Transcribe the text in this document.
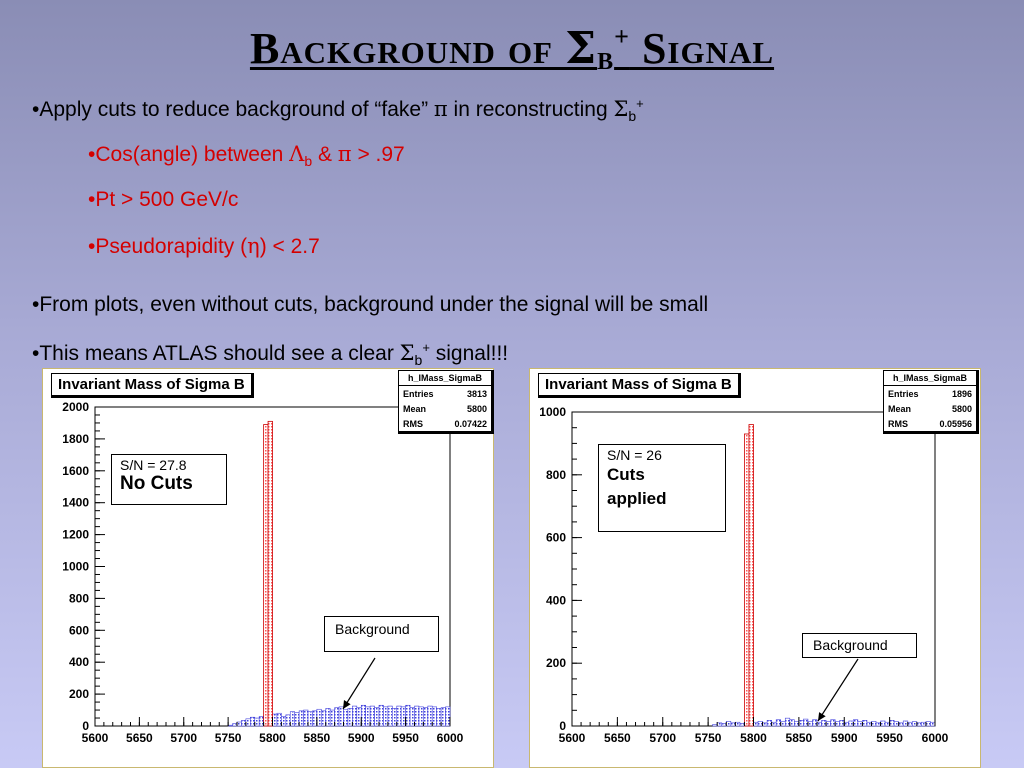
Background of $\Sigma_B^+$ Signal
•Apply cuts to reduce background of “fake” π in reconstructing $\Sigma_b^+$
•Cos(angle) between $\Lambda_b$ & π > .97
•Pt > 500 GeV/c
•Pseudorapidity (η) < 2.7
•From plots, even without cuts, background under the signal will be small
•This means ATLAS should see a clear $\Sigma_b^+$ signal!!!
0
200
400
600
800
1000
1200
1400
1600
1800
2000
5600 5650 5700 5750 5800 5850 5900 5950 6000
Invariant Mass of Sigma B	h_IMass_SigmaB
Entries	3813
Mean	5800
RMS	0.07422
S/N = 27.8
No Cuts
Background
0
200
400
600
800
1000
5600 5650 5700 5750 5800 5850 5900 5950 6000
Invariant Mass of Sigma B	h_IMass_SigmaB
Entries	1896
Mean	5800
RMS	0.05956
S/N = 26
Cuts
applied
Background
